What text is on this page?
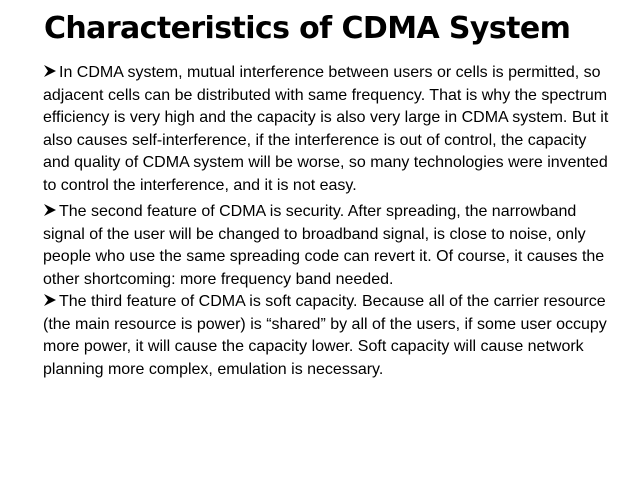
Characteristics of CDMA System
In CDMA system, mutual interference between users or cells is permitted, so adjacent cells can be distributed with same frequency. That is why the spectrum efficiency is very high and the capacity is also very large in CDMA system. But it also causes self-interference, if the interference is out of control, the capacity and quality of CDMA system will be worse, so many technologies were invented to control the interference, and it is not easy.
The second feature of CDMA is security. After spreading, the narrowband signal of the user will be changed to broadband signal, is close to noise, only people who use the same spreading code can revert it. Of course, it causes the other shortcoming: more frequency band needed.
The third feature of CDMA is soft capacity. Because all of the carrier resource (the main resource is power) is “shared” by all of the users, if some user occupy more power, it will cause the capacity lower. Soft capacity will cause network planning more complex, emulation is necessary.
